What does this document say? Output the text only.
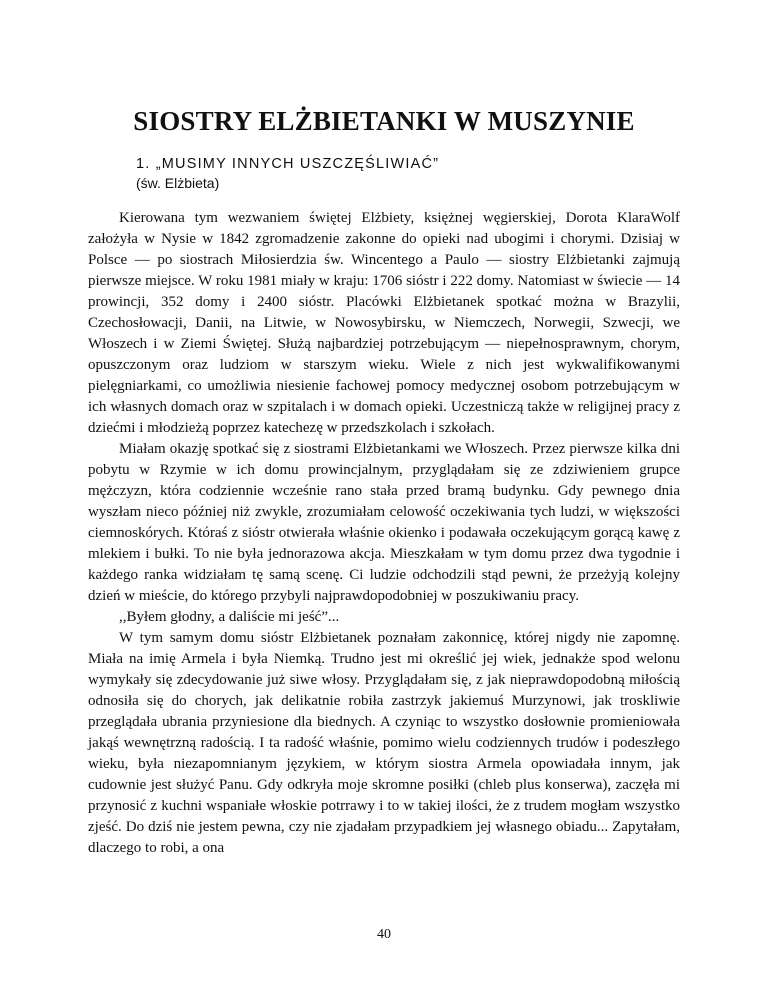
SIOSTRY ELŻBIETANKI W MUSZYNIE
1. „MUSIMY INNYCH USZCZĘŚLIWIAĆ”
(św. Elżbieta)

Kierowana tym wezwaniem świętej Elżbiety, księżnej węgierskiej, Dorota KlaraWolf założyła w Nysie w 1842 zgromadzenie zakonne do opieki nad ubogimi i chorymi. Dzisiaj w Polsce — po siostrach Miłosierdzia św. Wincentego a Paulo — siostry Elżbietanki zajmują pierwsze miejsce. W roku 1981 miały w kraju: 1706 sióstr i 222 domy. Natomiast w świecie — 14 prowincji, 352 domy i 2400 sióstr. Placówki Elżbietanek spotkać można w Brazylii, Czechosłowacji, Danii, na Litwie, w Nowosybirsku, w Niemczech, Norwegii, Szwecji, we Włoszech i w Ziemi Świętej. Służą najbardziej potrzebującym — niepełnosprawnym, chorym, opuszczonym oraz ludziom w starszym wieku. Wiele z nich jest wykwalifikowanymi pielęgniarkami, co umożliwia niesienie fachowej pomocy medycznej osobom potrzebującym w ich własnych domach oraz w szpitalach i w domach opieki. Uczestniczą także w religijnej pracy z dziećmi i młodzieżą poprzez katechezę w przedszkolach i szkołach.

Miałam okazję spotkać się z siostrami Elżbietankami we Włoszech. Przez pierwsze kilka dni pobytu w Rzymie w ich domu prowincjalnym, przyglądałam się ze zdziwieniem grupce mężczyzn, która codziennie wcześnie rano stała przed bramą budynku. Gdy pewnego dnia wyszłam nieco później niż zwykle, zrozumiałam celowość oczekiwania tych ludzi, w większości ciemnoskórych. Któraś z sióstr otwierała właśnie okienko i podawała oczekującym gorącą kawę z mlekiem i bułki. To nie była jednorazowa akcja. Mieszkałam w tym domu przez dwa tygodnie i każdego ranka widziałam tę samą scenę. Ci ludzie odchodzili stąd pewni, że przeżyją kolejny dzień w mieście, do którego przybyli najprawdopodobniej w poszukiwaniu pracy.

,,Byłem głodny, a daliście mi jeść”...

W tym samym domu sióstr Elżbietanek poznałam zakonnicę, której nigdy nie zapomnę. Miała na imię Armela i była Niemką. Trudno jest mi określić jej wiek, jednakże spod welonu wymykały się zdecydowanie już siwe włosy. Przyglądałam się, z jak nieprawdopodobną miłością odnosiła się do chorych, jak delikatnie robiła zastrzyk jakiemuś Murzynowi, jak troskliwie przeglądała ubrania przyniesione dla biednych. A czyniąc to wszystko dosłownie promieniowała jakąś wewnętrzną radością. I ta radość właśnie, pomimo wielu codziennych trudów i podeszłego wieku, była niezapomnianym językiem, w którym siostra Armela opowiadała innym, jak cudownie jest służyć Panu. Gdy odkryła moje skromne posiłki (chleb plus konserwa), zaczęła mi przynosić z kuchni wspaniałe włoskie potrrawy i to w takiej ilości, że z trudem mogłam wszystko zjeść. Do dziś nie jestem pewna, czy nie zjadałam przypadkiem jej własnego obiadu... Zapytałam, dlaczego to robi, a ona

40
